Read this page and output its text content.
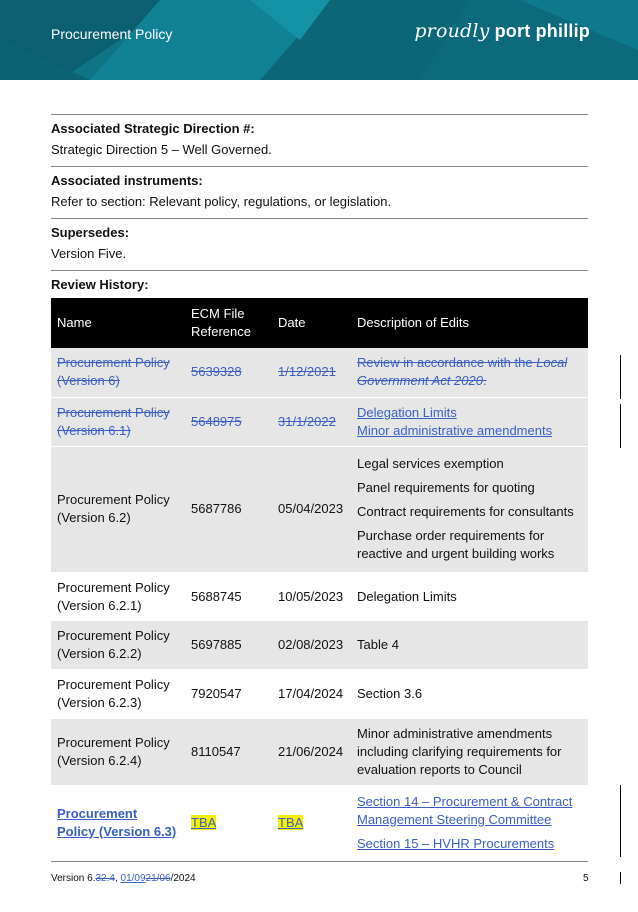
Procurement Policy	proudly port phillip
Associated Strategic Direction #:
Strategic Direction 5 – Well Governed.
Associated instruments:
Refer to section: Relevant policy, regulations, or legislation.
Supersedes:
Version Five.
Review History:
Name	ECM File Reference	Date	Description of Edits
Procurement Policy (Version 6)	5639328	1/12/2021	Review in accordance with the Local Government Act 2020.
Procurement Policy (Version 6.1)	5648975	31/1/2022	Delegation Limits
Minor administrative amendments

Procurement Policy (Version 6.2)	5687786	05/04/2023	Legal services exemption
Panel requirements for quoting
Contract requirements for consultants
Purchase order requirements for reactive and urgent building works

Procurement Policy (Version 6.2.1)	5688745	10/05/2023	Delegation Limits
Procurement Policy (Version 6.2.2)	5697885	02/08/2023	Table 4
Procurement Policy (Version 6.2.3)	7920547	17/04/2024	Section 3.6
Procurement Policy (Version 6.2.4)	8110547	21/06/2024	Minor administrative amendments including clarifying requirements for evaluation reports to Council
Procurement Policy (Version 6.3)	TBA	TBA	Section 14 – Procurement & Contract Management Steering Committee
Section 15 – HVHR Procurements
Version 6.32.4, 01/0921/06/2024	5
